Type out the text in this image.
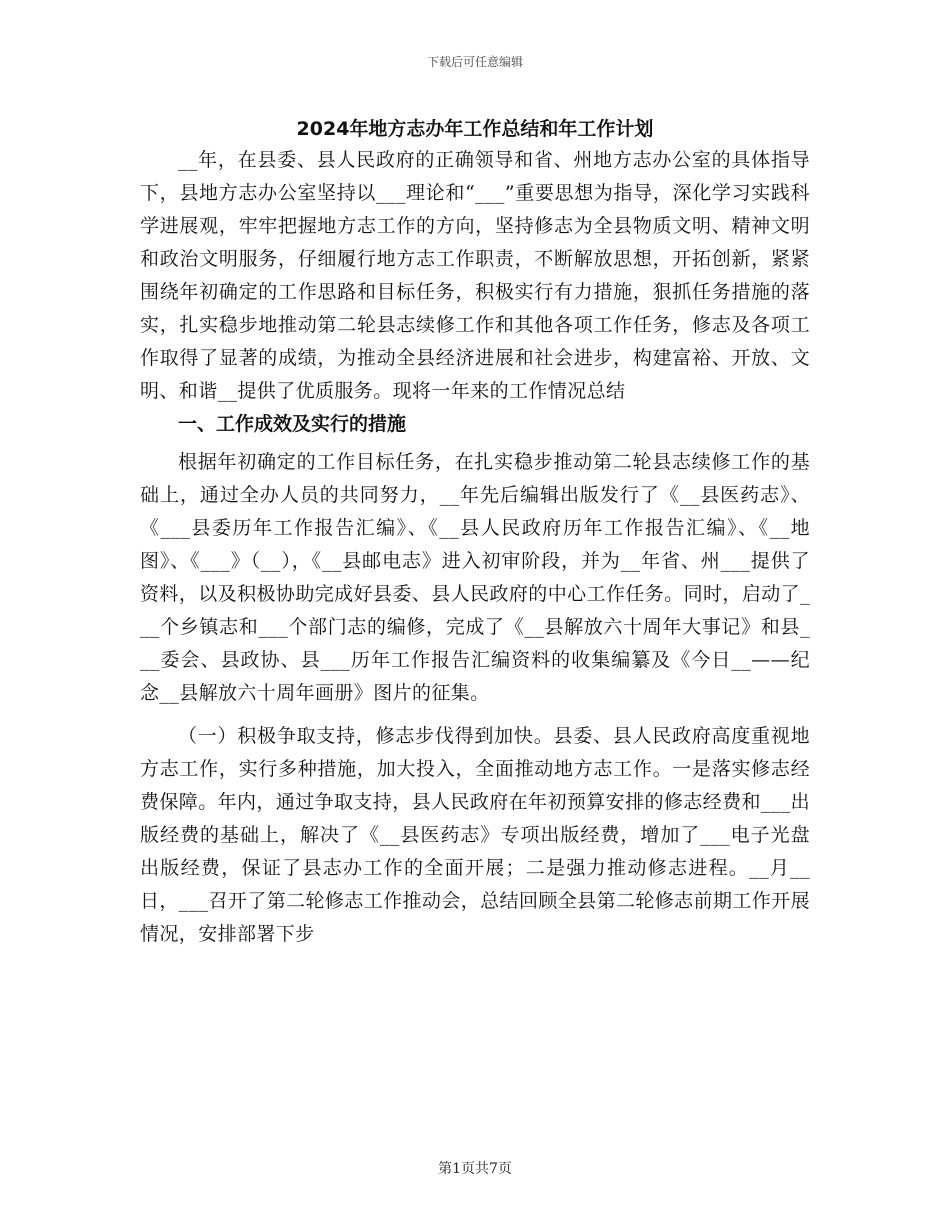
下载后可任意编辑
2024年地方志办年工作总结和年工作计划

__年，在县委、县人民政府的正确领导和省、州地方志办公室的具体指导下，县地方志办公室坚持以___理论和“___”重要思想为指导，深化学习实践科学进展观，牢牢把握地方志工作的方向，坚持修志为全县物质文明、精神文明和政治文明服务，仔细履行地方志工作职责，不断解放思想，开拓创新，紧紧围绕年初确定的工作思路和目标任务，积极实行有力措施，狠抓任务措施的落实，扎实稳步地推动第二轮县志续修工作和其他各项工作任务，修志及各项工作取得了显著的成绩，为推动全县经济进展和社会进步，构建富裕、开放、文明、和谐__提供了优质服务。现将一年来的工作情况总结

一、工作成效及实行的措施

根据年初确定的工作目标任务，在扎实稳步推动第二轮县志续修工作的基础上，通过全办人员的共同努力，__年先后编辑出版发行了《__县医药志》、《___县委历年工作报告汇编》、《__县人民政府历年工作报告汇编》、《__地图》、《___》（__），《__县邮电志》进入初审阶段，并为__年省、州___提供了资料，以及积极协助完成好县委、县人民政府的中心工作任务。同时，启动了___个乡镇志和___个部门志的编修，完成了《__县解放六十周年大事记》和县___委会、县政协、县___历年工作报告汇编资料的收集编纂及《今日__——纪念__县解放六十周年画册》图片的征集。

（一）积极争取支持，修志步伐得到加快。县委、县人民政府高度重视地方志工作，实行多种措施，加大投入，全面推动地方志工作。一是落实修志经费保障。年内，通过争取支持，县人民政府在年初预算安排的修志经费和___出版经费的基础上，解决了《__县医药志》专项出版经费，增加了___电子光盘出版经费，保证了县志办工作的全面开展；二是强力推动修志进程。__月__日，___召开了第二轮修志工作推动会，总结回顾全县第二轮修志前期工作开展情况，安排部署下步

第1页共7页
